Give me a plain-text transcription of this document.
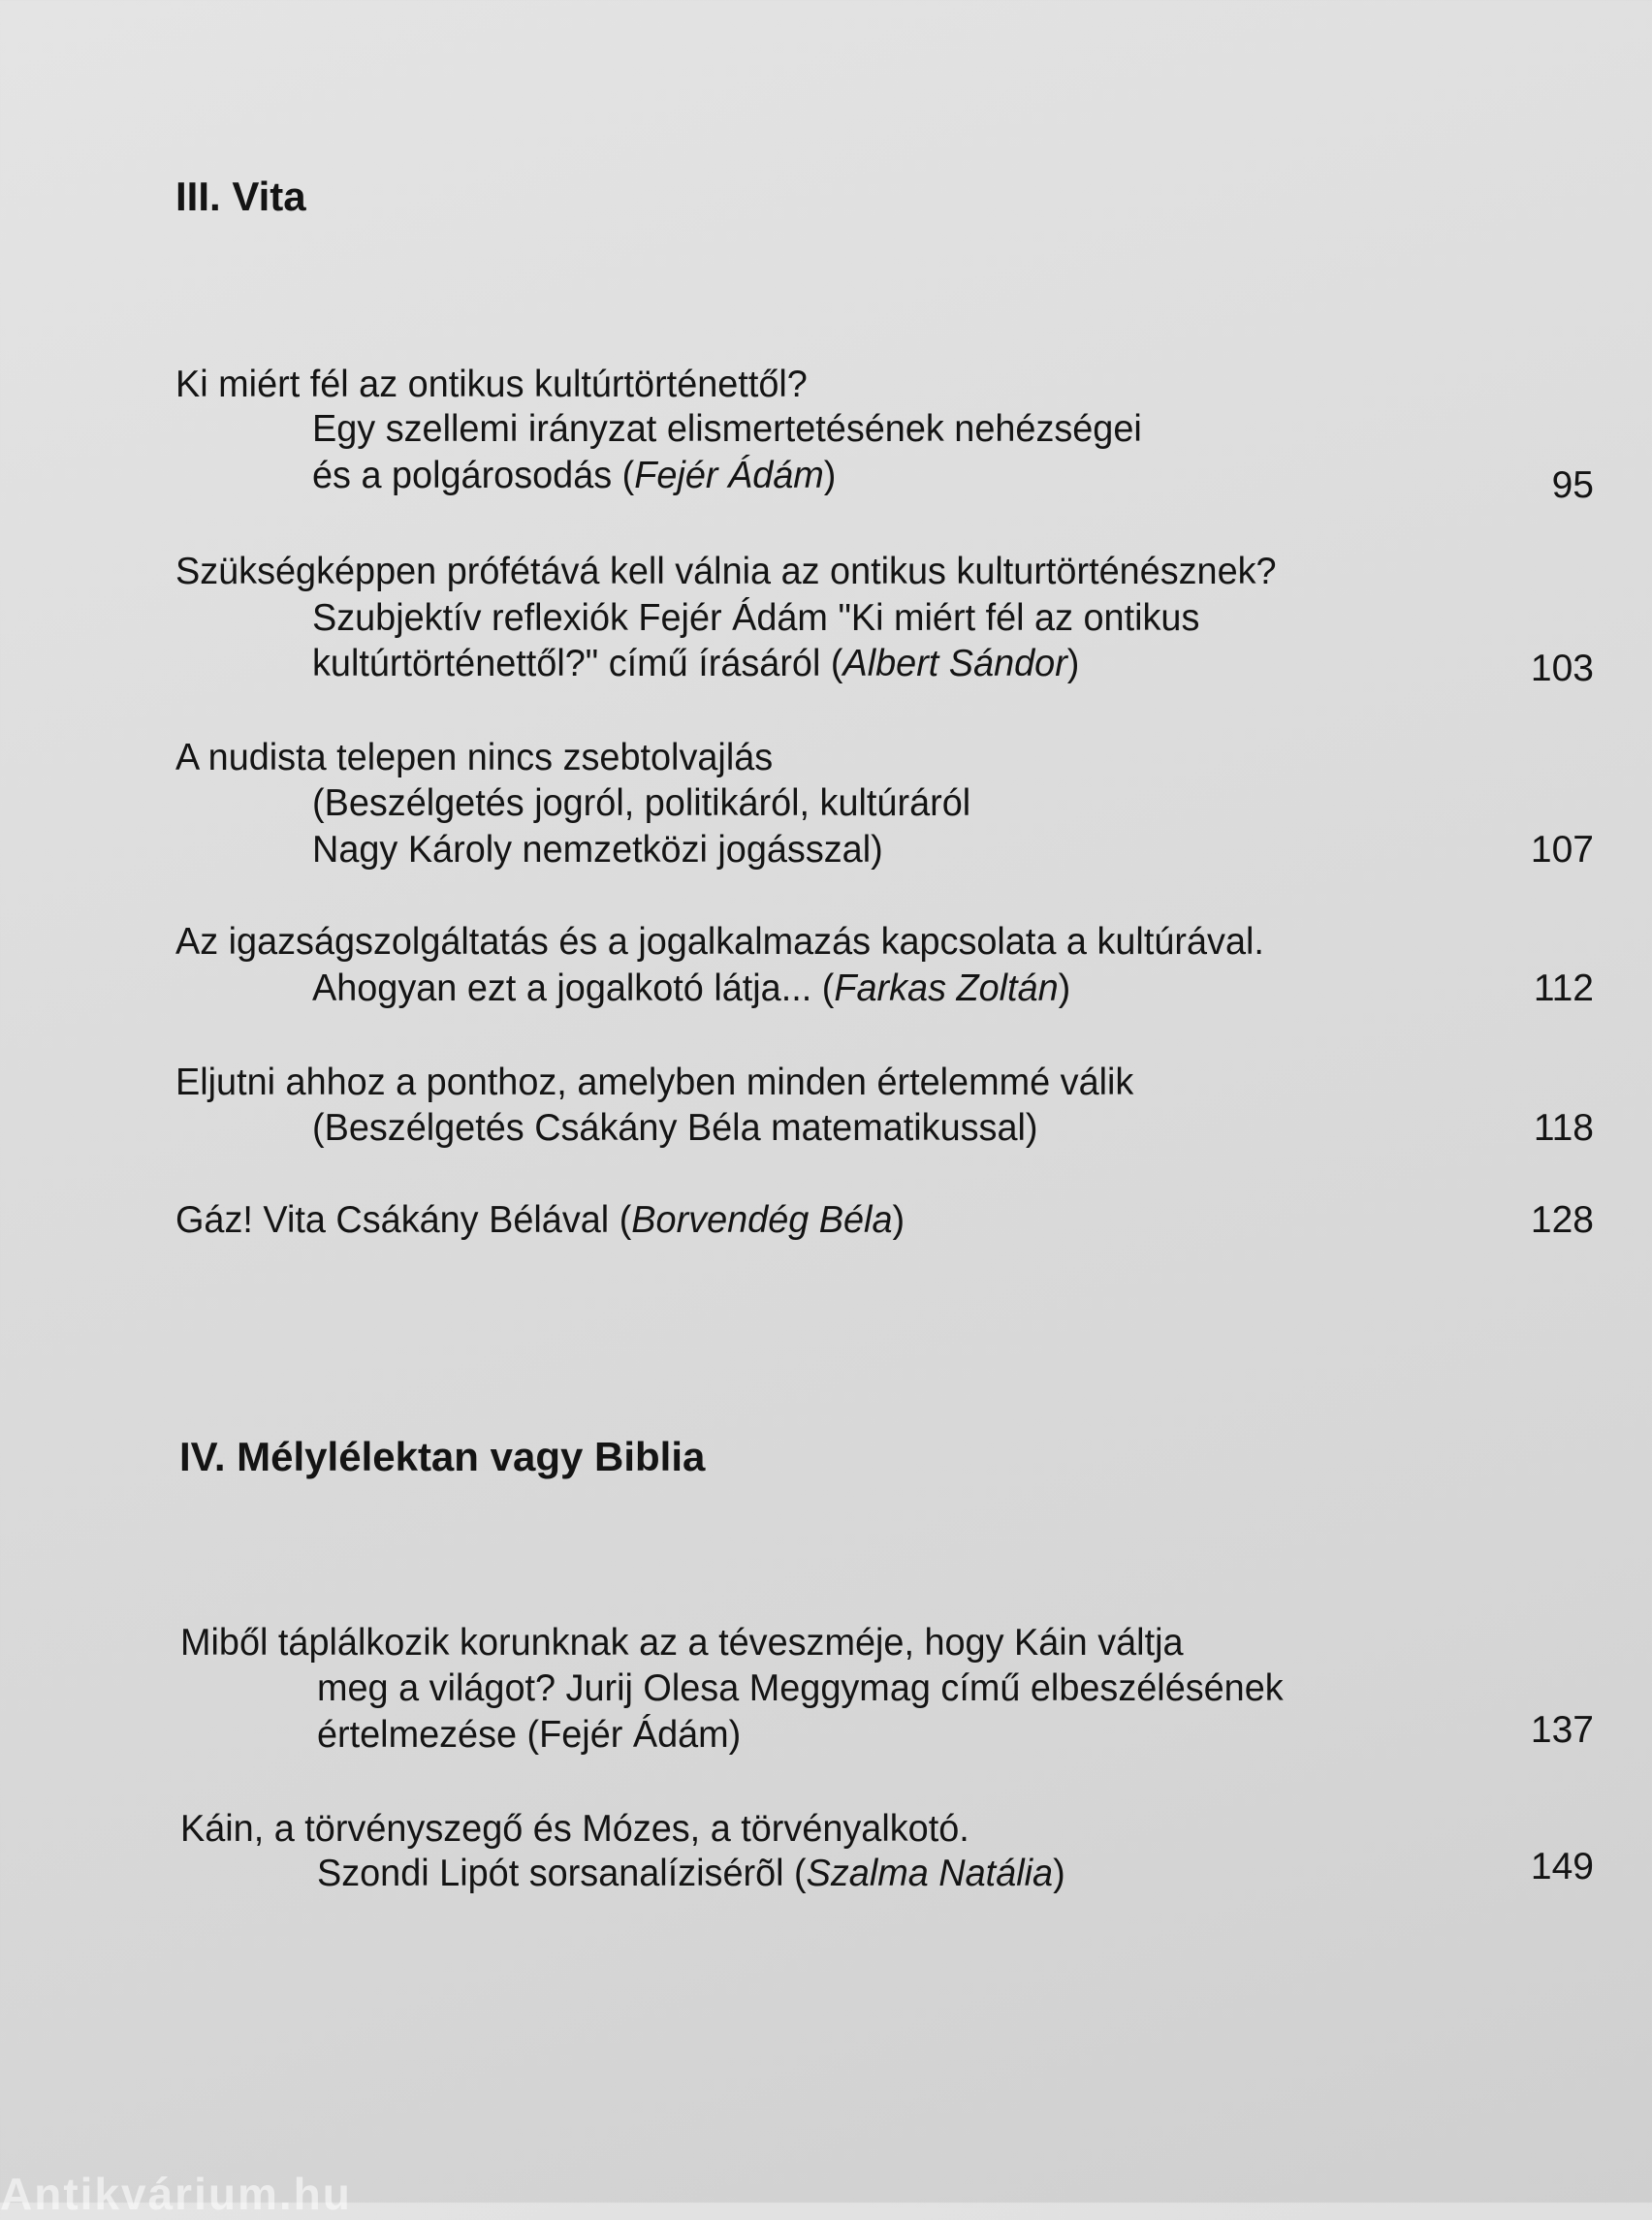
III. Vita
Ki miért fél az ontikus kultúrtörténettől?
Egy szellemi irányzat elismertetésének nehézségei
és a polgárosodás (Fejér Ádám)	95
Szükségképpen prófétává kell válnia az ontikus kulturtörténésznek?
Szubjektív reflexiók Fejér Ádám "Ki miért fél az ontikus
kultúrtörténettől?" című írásáról (Albert Sándor)	103
A nudista telepen nincs zsebtolvajlás
(Beszélgetés jogról, politikáról, kultúráról
Nagy Károly nemzetközi jogásszal)	107
Az igazságszolgáltatás és a jogalkalmazás kapcsolata a kultúrával.
Ahogyan ezt a jogalkotó látja... (Farkas Zoltán)	112
Eljutni ahhoz a ponthoz, amelyben minden értelemmé válik
(Beszélgetés Csákány Béla matematikussal)	118
Gáz! Vita Csákány Bélával (Borvendég Béla)	128
IV. Mélylélektan vagy Biblia
Miből táplálkozik korunknak az a téveszméje, hogy Káin váltja
meg a világot? Jurij Olesa Meggymag című elbeszélésének
értelmezése (Fejér Ádám)	137
Káin, a törvényszegő és Mózes, a törvényalkotó.
Szondi Lipót sorsanalízisérõl (Szalma Natália)	149
Antikvárium.hu
